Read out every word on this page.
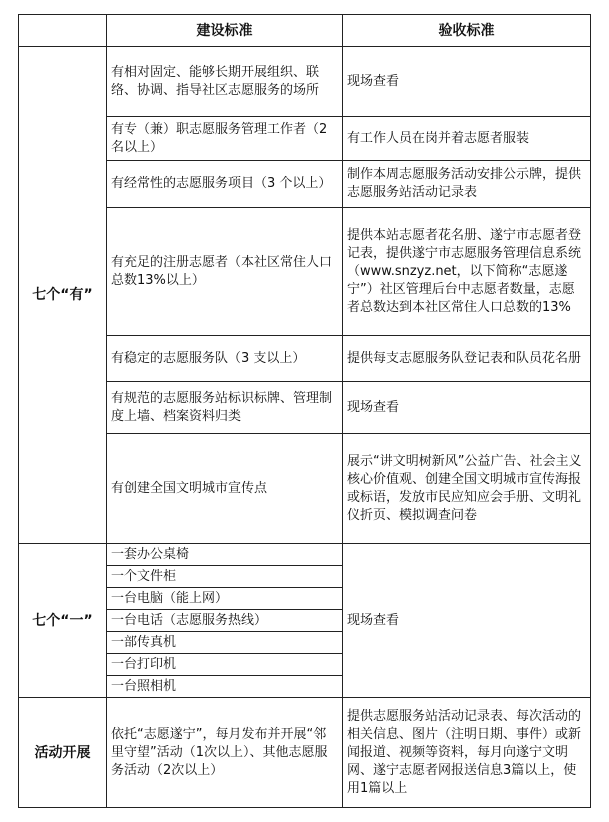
	建设标准	验收标准
七个“有”	有相对固定、能够长期开展组织、联络、协调、指导社区志愿服务的场所	现场查看
	有专（兼）职志愿服务管理工作者（2 名以上）	有工作人员在岗并着志愿者服装
	有经常性的志愿服务项目（3 个以上）	制作本周志愿服务活动安排公示牌，提供志愿服务站活动记录表
	有充足的注册志愿者（本社区常住人口总数13%以上）	提供本站志愿者花名册、遂宁市志愿者登记表，提供遂宁市志愿服务管理信息系统（www.snzyz.net，以下简称“志愿遂宁”）社区管理后台中志愿者数量，志愿者总数达到本社区常住人口总数的13%
	有稳定的志愿服务队（3 支以上）	提供每支志愿服务队登记表和队员花名册
	有规范的志愿服务站标识标牌、管理制度上墙、档案资料归类	现场查看
	有创建全国文明城市宣传点	展示“讲文明树新风”公益广告、社会主义核心价值观、创建全国文明城市宣传海报或标语，发放市民应知应会手册、文明礼仪折页、模拟调查问卷
七个“一”	一套办公桌椅	现场查看
	一个文件柜	
	一台电脑（能上网）	
	一台电话（志愿服务热线）	
	一部传真机	
	一台打印机	
	一台照相机	
活动开展	依托“志愿遂宁”，每月发布并开展“邻里守望”活动（1次以上）、其他志愿服务活动（2次以上）	提供志愿服务站活动记录表、每次活动的相关信息、图片（注明日期、事件）或新闻报道、视频等资料，每月向遂宁文明网、遂宁志愿者网报送信息3篇以上，使用1篇以上
